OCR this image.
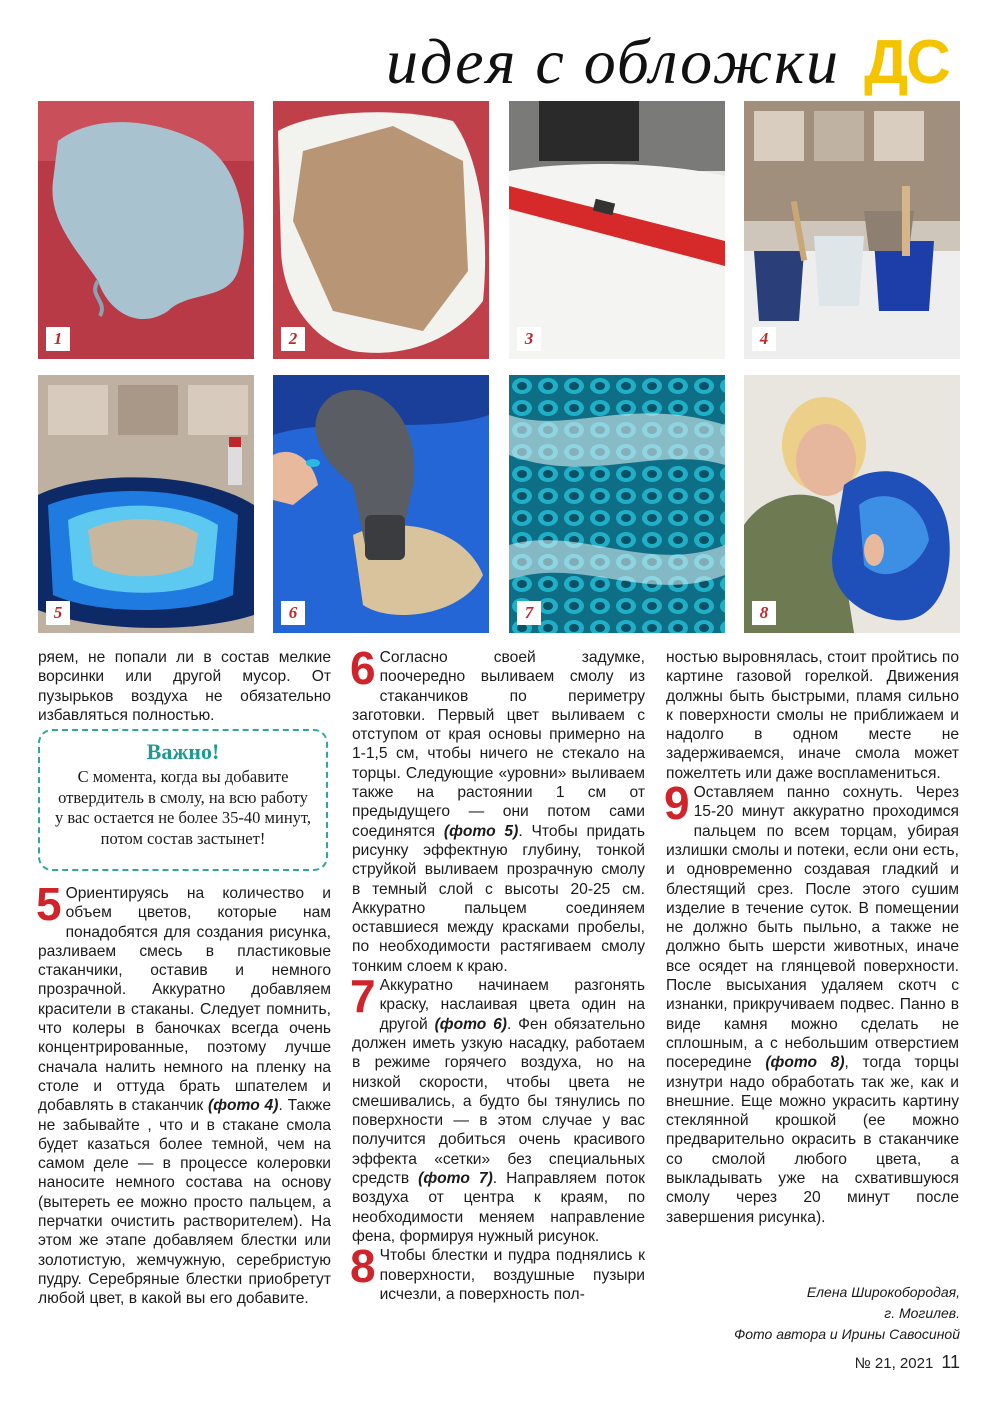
идея с обложки ДС
1	2	3	4
5	6	7	8

ряем, не попали ли в состав мелкие ворсинки или другой мусор. От пузырьков воздуха не обязательно избавляться полностью.

Важно!
С момента, когда вы добавите отвердитель в смолу, на всю работу у вас остается не более 35-40 минут, потом состав застынет!

5 Ориентируясь на количество и объем цветов, которые нам понадобятся для создания рисунка, разливаем смесь в пластиковые стаканчики, оставив и немного прозрачной. Аккуратно добавляем красители в стаканы. Следует помнить, что колеры в баночках всегда очень концентрированные, поэтому лучше сначала налить немного на пленку на столе и оттуда брать шпателем и добавлять в стаканчик (фото 4). Также не забывайте , что и в стакане смола будет казаться более темной, чем на самом деле — в процессе колеровки наносите немного состава на основу (вытереть ее можно просто пальцем, а перчатки очистить растворителем). На этом же этапе добавляем блестки или золотистую, жемчужную, серебристую пудру. Серебряные блестки приобретут любой цвет, в какой вы его добавите.

6 Согласно своей задумке, поочередно выливаем смолу из стаканчиков по периметру заготовки. Первый цвет выливаем с отступом от края основы примерно на 1-1,5 см, чтобы ничего не стекало на торцы. Следующие «уровни» выливаем также на растоянии 1 см от предыдущего — они потом сами соединятся (фото 5). Чтобы придать рисунку эффектную глубину, тонкой струйкой выливаем прозрачную смолу в темный слой с высоты 20-25 см. Аккуратно пальцем соединяем оставшиеся между красками пробелы, по необходимости растягиваем смолу тонким слоем к краю.

7 Аккуратно начинаем разгонять краску, наслаивая цвета один на другой (фото 6). Фен обязательно должен иметь узкую насадку, работаем в режиме горячего воздуха, но на низкой скорости, чтобы цвета не смешивались, а будто бы тянулись по поверхности — в этом случае у вас получится добиться очень красивого эффекта «сетки» без специальных средств (фото 7). Направляем поток воздуха от центра к краям, по необходимости меняем направление фена, формируя нужный рисунок.

8 Чтобы блестки и пудра поднялись к поверхности, воздушные пузыри исчезли, а поверхность пол-

ностью выровнялась, стоит пройтись по картине газовой горелкой. Движения должны быть быстрыми, пламя сильно к поверхности смолы не приближаем и надолго в одном месте не задерживаемся, иначе смола может пожелтеть или даже воспламениться.

9 Оставляем панно сохнуть. Через 15-20 минут аккуратно проходимся пальцем по всем торцам, убирая излишки смолы и потеки, если они есть, и одновременно создавая гладкий и блестящий срез. После этого сушим изделие в течение суток. В помещении не должно быть пыльно, а также не должно быть шерсти животных, иначе все осядет на глянцевой поверхности. После высыхания удаляем скотч с изнанки, прикручиваем подвес. Панно в виде камня можно сделать не сплошным, а с небольшим отверстием посередине (фото 8), тогда торцы изнутри надо обработать так же, как и внешние. Еще можно украсить картину стеклянной крошкой (ее можно предварительно окрасить в стаканчике со смолой любого цвета, а выкладывать уже на схватившуюся смолу через 20 минут после завершения рисунка).

Елена Широкобородая,
г. Могилев.
Фото автора и Ирины Савосиной
№ 21, 2021 11
